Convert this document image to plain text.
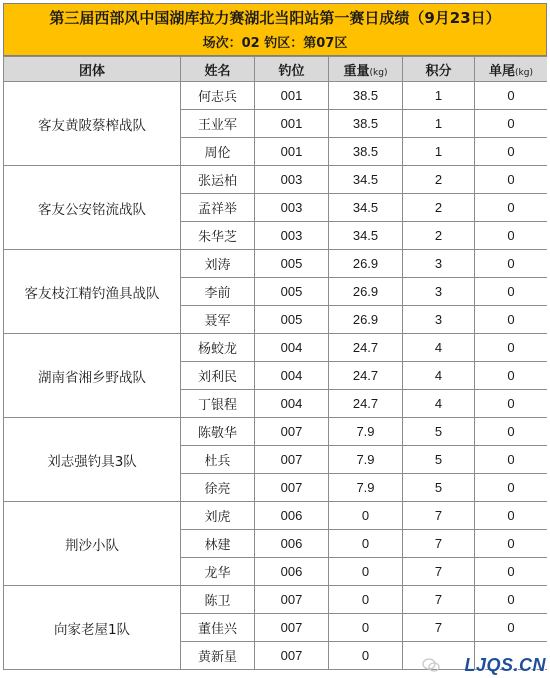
第三届西部风中国湖库拉力赛湖北当阳站第一赛日成绩（9月23日）
场次：02 钓区：第07区
团体	姓名	钓位	重量(kg)	积分	单尾(kg)
客友黄陂蔡榨战队	何志兵	001	38.5	1	0
	王业军	001	38.5	1	0
	周伦	001	38.5	1	0
客友公安铭流战队	张运柏	003	34.5	2	0
	孟祥举	003	34.5	2	0
	朱华芝	003	34.5	2	0
客友枝江精钓渔具战队	刘涛	005	26.9	3	0
	李前	005	26.9	3	0
	聂军	005	26.9	3	0
湖南省湘乡野战队	杨蛟龙	004	24.7	4	0
	刘利民	004	24.7	4	0
	丁银程	004	24.7	4	0
刘志强钓具3队	陈敬华	007	7.9	5	0
	杜兵	007	7.9	5	0
	徐亮	007	7.9	5	0
荆沙小队	刘虎	006	0	7	0
	林建	006	0	7	0
	龙华	006	0	7	0
向家老屋1队	陈卫	007	0	7	0
	董佳兴	007	0	7	0
	黄新星	007	0			LJQS.CN
